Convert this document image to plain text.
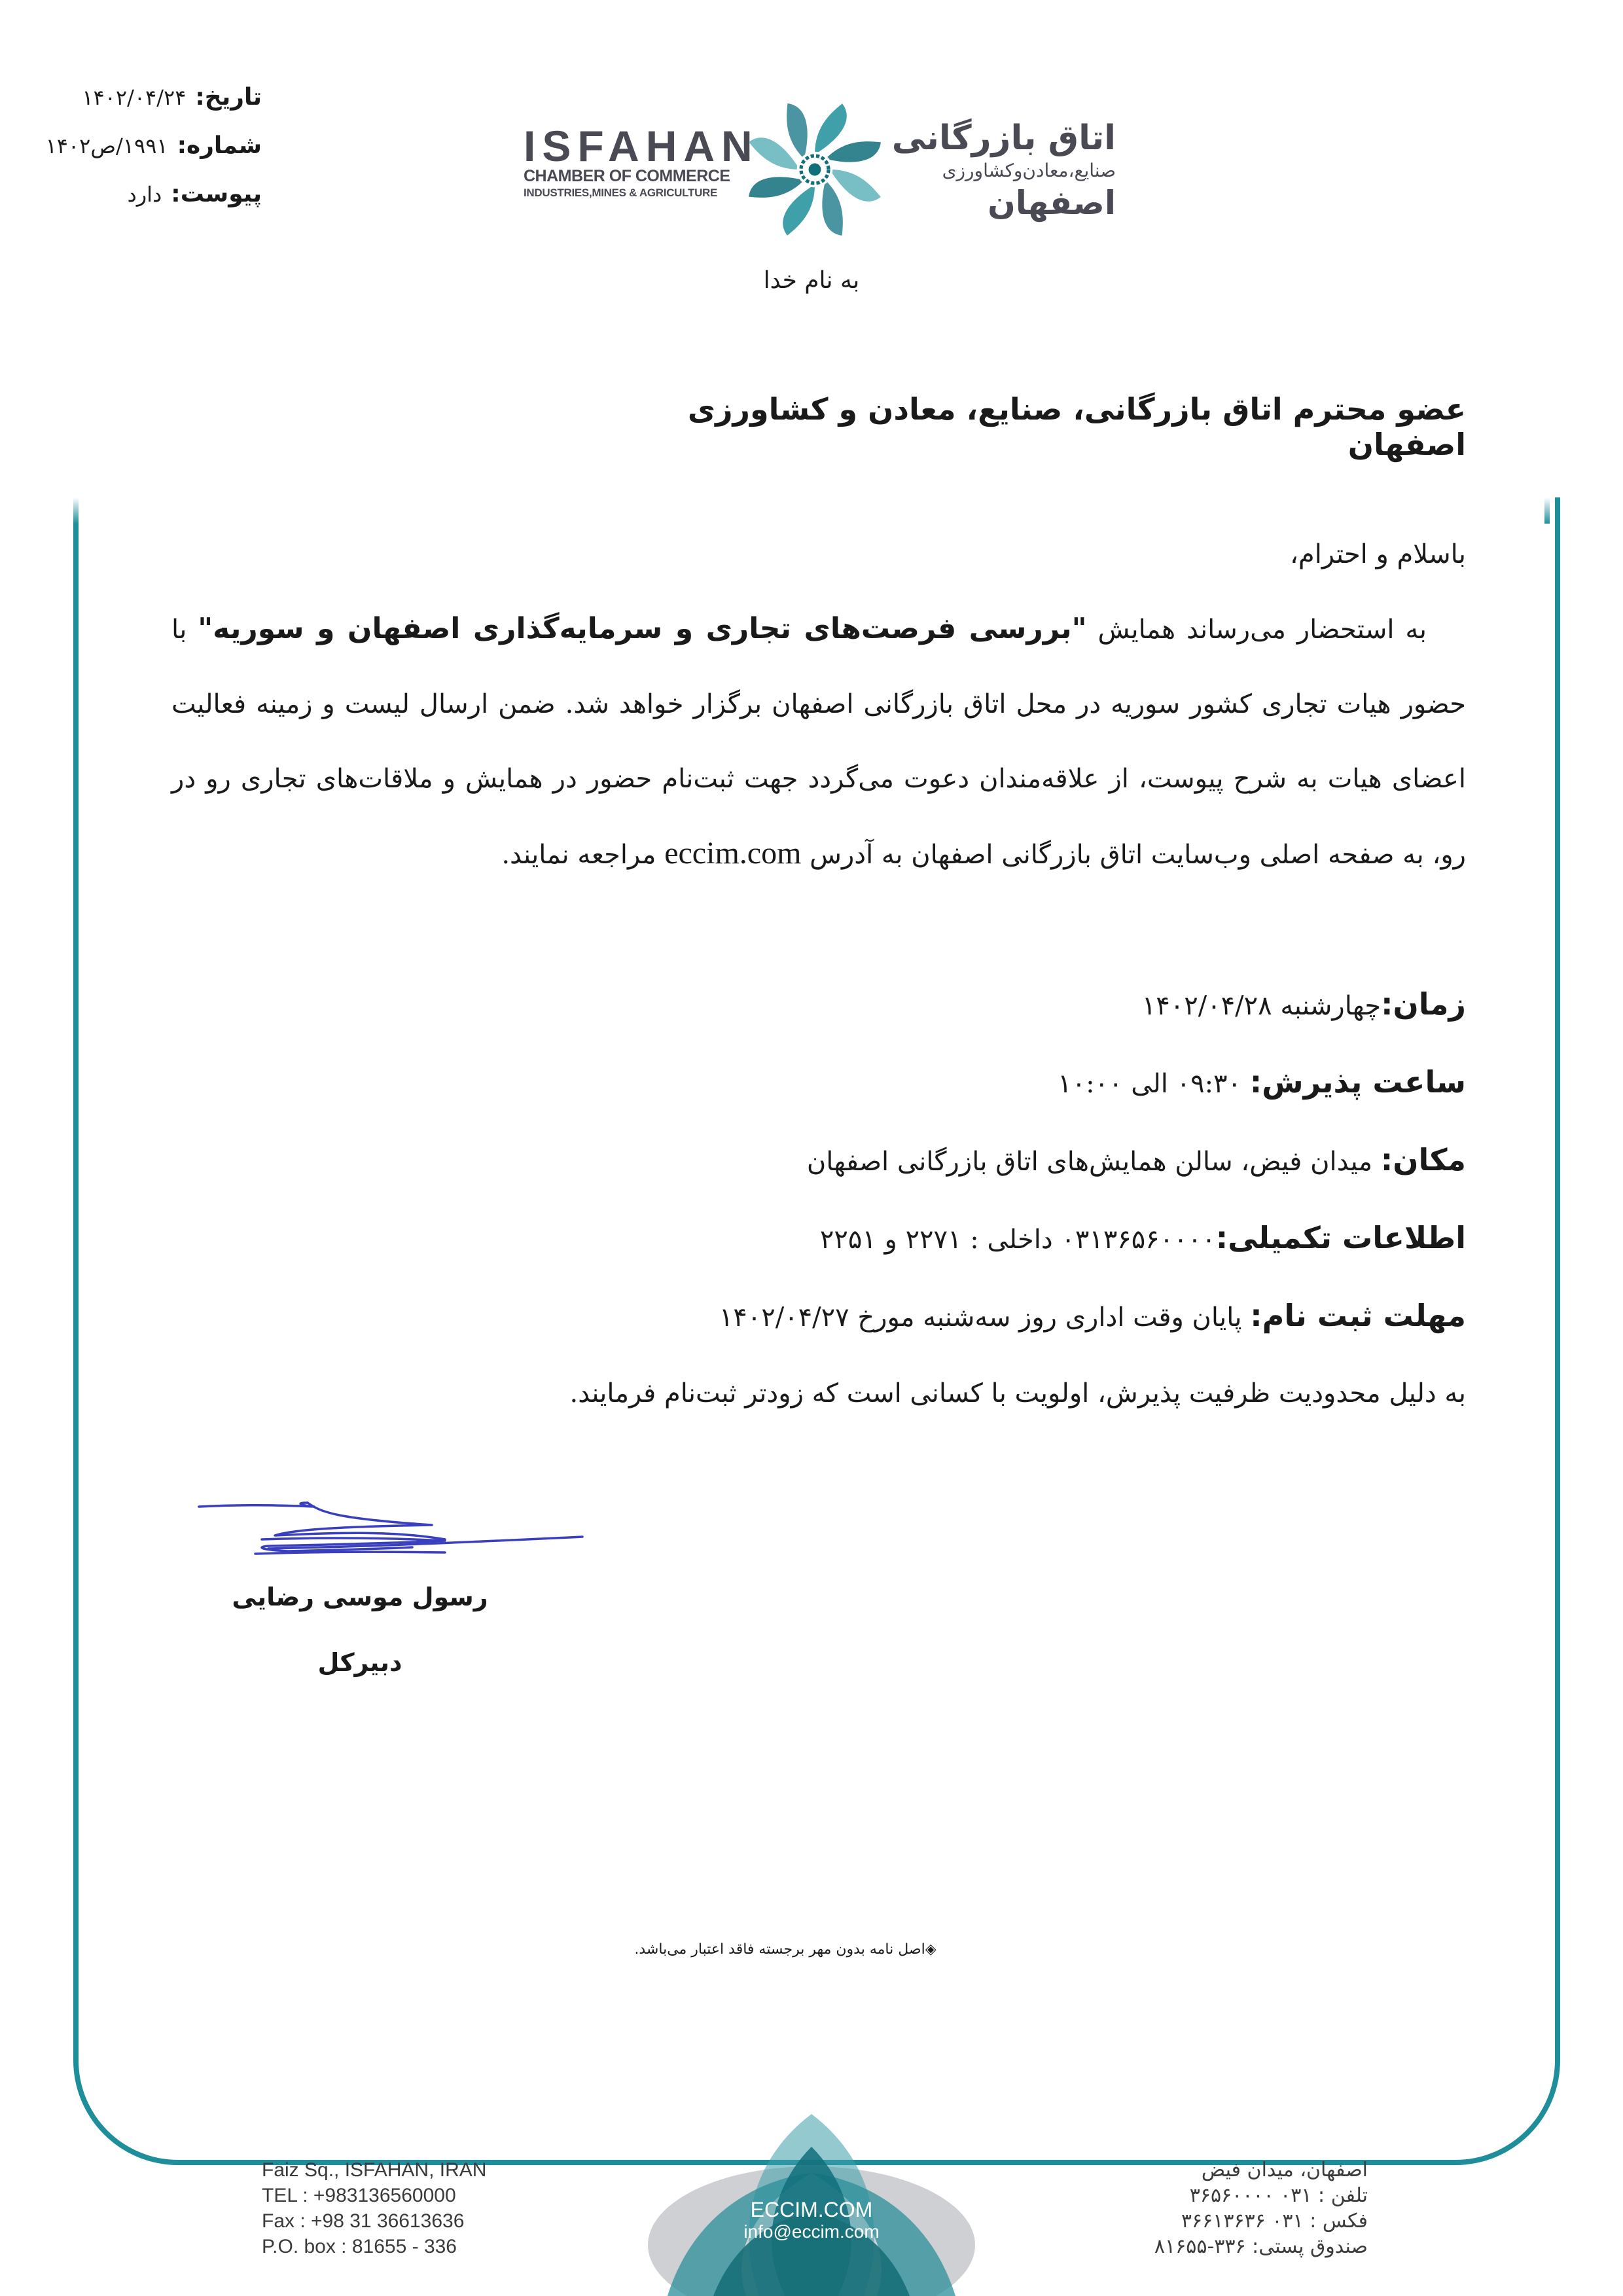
تاریخ:
۱۴۰۲/۰۴/۲۴
شماره:
۱۹۹۱/ص۱۴۰۲
پیوست:
دارد
ISFAHAN
CHAMBER OF COMMERCE
INDUSTRIES,MINES & AGRICULTURE
اتاق بازرگانی
صنایع،معادن‌وکشاورزی
اصفهان
به نام خدا
عضو محترم اتاق بازرگانی، صنایع، معادن و کشاورزی اصفهان

باسلام و احترام،

به استحضار می‌رساند همایش "بررسی فرصت‌های تجاری و سرمایه‌گذاری اصفهان و سوریه" با حضور هیات تجاری کشور سوریه در محل اتاق بازرگانی اصفهان برگزار خواهد شد. ضمن ارسال لیست و زمینه فعالیت اعضای هیات به شرح پیوست، از علاقه‌مندان دعوت می‌گردد جهت ثبت‌نام حضور در همایش و ملاقات‌های تجاری رو در رو، به صفحه اصلی وب‌سایت اتاق بازرگانی اصفهان به آدرس eccim.com مراجعه نمایند.

زمان:چهارشنبه ۱۴۰۲/۰۴/۲۸
ساعت پذیرش: ۰۹:۳۰ الی ۱۰:۰۰
مکان: میدان فیض، سالن همایش‌های اتاق بازرگانی اصفهان
اطلاعات تکمیلی:۰۳۱۳۶۵۶۰۰۰۰ داخلی : ۲۲۷۱ و ۲۲۵۱
مهلت ثبت نام: پایان وقت اداری روز سه‌شنبه مورخ ۱۴۰۲/۰۴/۲۷
به دلیل محدودیت ظرفیت پذیرش، اولویت با کسانی است که زودتر ثبت‌نام فرمایند.
رسول موسی رضایی
دبیرکل
◈اصل نامه بدون مهر برجسته فاقد اعتبار می‌باشد.
Faiz Sq., ISFAHAN, IRAN
TEL : +983136560000
Fax : +98 31 36613636
P.O. box : 81655 - 336
ECCIM.COM
info@eccim.com
اصفهان، میدان فیض
تلفن : ۰۳۱ ۳۶۵۶۰۰۰۰
فکس : ۰۳۱ ۳۶۶۱۳۶۳۶
صندوق پستی: ۳۳۶-۸۱۶۵۵
